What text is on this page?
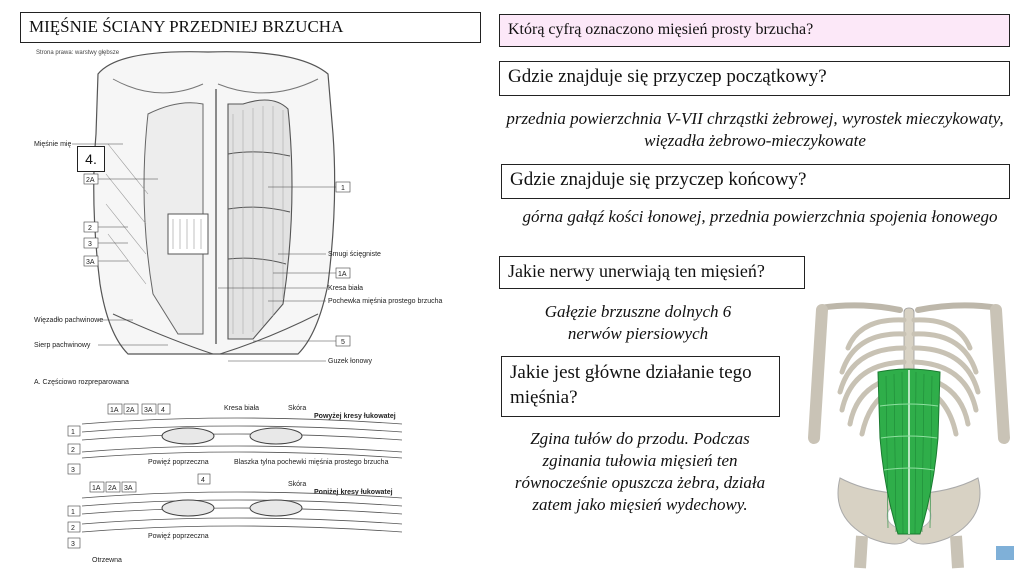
MIĘŚNIE ŚCIANY PRZEDNIEJ BRZUCHA
Strona prawa: warstwy głębsze
Mięśnie mię
2A
2
3
3A
Więzadło pachwinowe
Sierp pachwinowy
1
Smugi ścięgniste
1A
Kresa biała
Pochewka mięśnia prostego brzucha
5
Guzek łonowy
A. Częściowo rozpreparowana
4.
1A 2A 3A 4	Kresa biała	Skóra
Powyżej kresy łukowatej
Powięź poprzeczna	Blaszka tylna pochewki mięśnia prostego brzucha
Skóra
Poniżej kresy łukowatej
Powięź poprzeczna
Otrzewna
1
2
3
1
2
3
1A 2A 3A
4
Którą cyfrą oznaczono mięsień prosty brzucha?
Gdzie znajduje się przyczep początkowy?
przednia powierzchnia V-VII chrząstki żebrowej, wyrostek mieczykowaty, więzadła żebrowo-mieczykowate
Gdzie znajduje się przyczep końcowy?
górna gałąź kości łonowej, przednia powierzchnia spojenia łonowego
Jakie nerwy unerwiają ten mięsień?
Gałęzie brzuszne dolnych 6 nerwów piersiowych
Jakie jest główne działanie tego mięśnia?
Zgina tułów do przodu. Podczas zginania tułowia mięsień ten równocześnie opuszcza żebra, działa zatem jako mięsień wydechowy.
